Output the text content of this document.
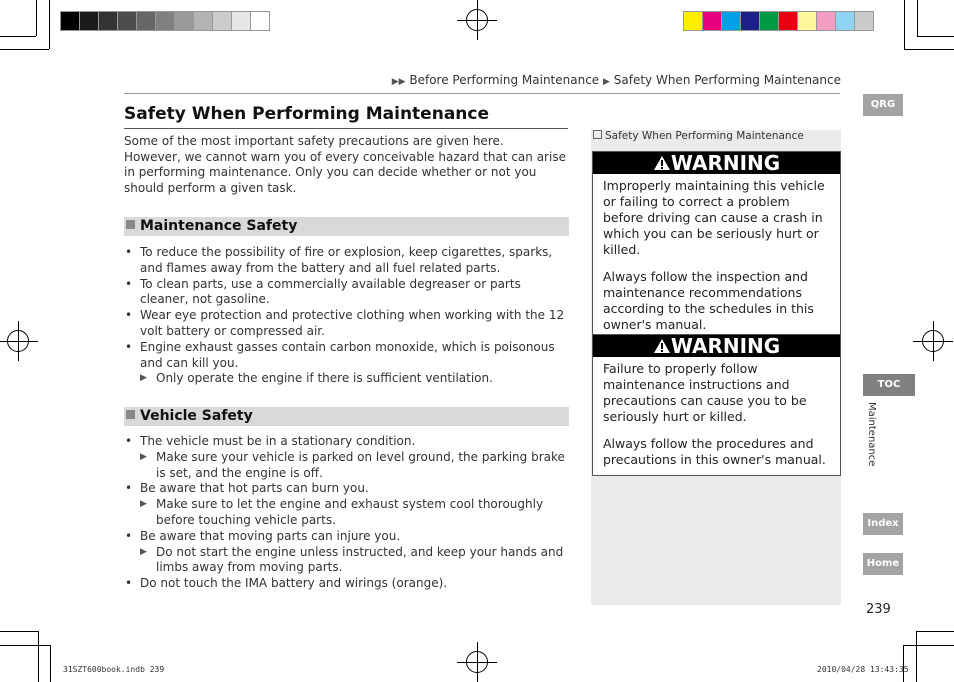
▶▶ Before Performing Maintenance ▶ Safety When Performing Maintenance
Safety When Performing Maintenance
Some of the most important safety precautions are given here.
However, we cannot warn you of every conceivable hazard that can arise in performing maintenance. Only you can decide whether or not you should perform a given task.
Maintenance Safety
• To reduce the possibility of fire or explosion, keep cigarettes, sparks, and flames away from the battery and all fuel related parts.
• To clean parts, use a commercially available degreaser or parts cleaner, not gasoline.
• Wear eye protection and protective clothing when working with the 12 volt battery or compressed air.
• Engine exhaust gasses contain carbon monoxide, which is poisonous and can kill you.
▶ Only operate the engine if there is sufficient ventilation.
Vehicle Safety
• The vehicle must be in a stationary condition.
▶ Make sure your vehicle is parked on level ground, the parking brake is set, and the engine is off.
• Be aware that hot parts can burn you.
▶ Make sure to let the engine and exhaust system cool thoroughly before touching vehicle parts.
• Be aware that moving parts can injure you.
▶ Do not start the engine unless instructed, and keep your hands and limbs away from moving parts.
• Do not touch the IMA battery and wirings (orange).
Safety When Performing Maintenance
WARNING

Improperly maintaining this vehicle or failing to correct a problem before driving can cause a crash in which you can be seriously hurt or killed.

Always follow the inspection and maintenance recommendations according to the schedules in this owner's manual.

WARNING

Failure to properly follow maintenance instructions and precautions can cause you to be seriously hurt or killed.

Always follow the procedures and precautions in this owner's manual.

QRG
TOC
Maintenance
Index
Home
239
31SZT600book.indb 239	2010/04/28 13:43:35
